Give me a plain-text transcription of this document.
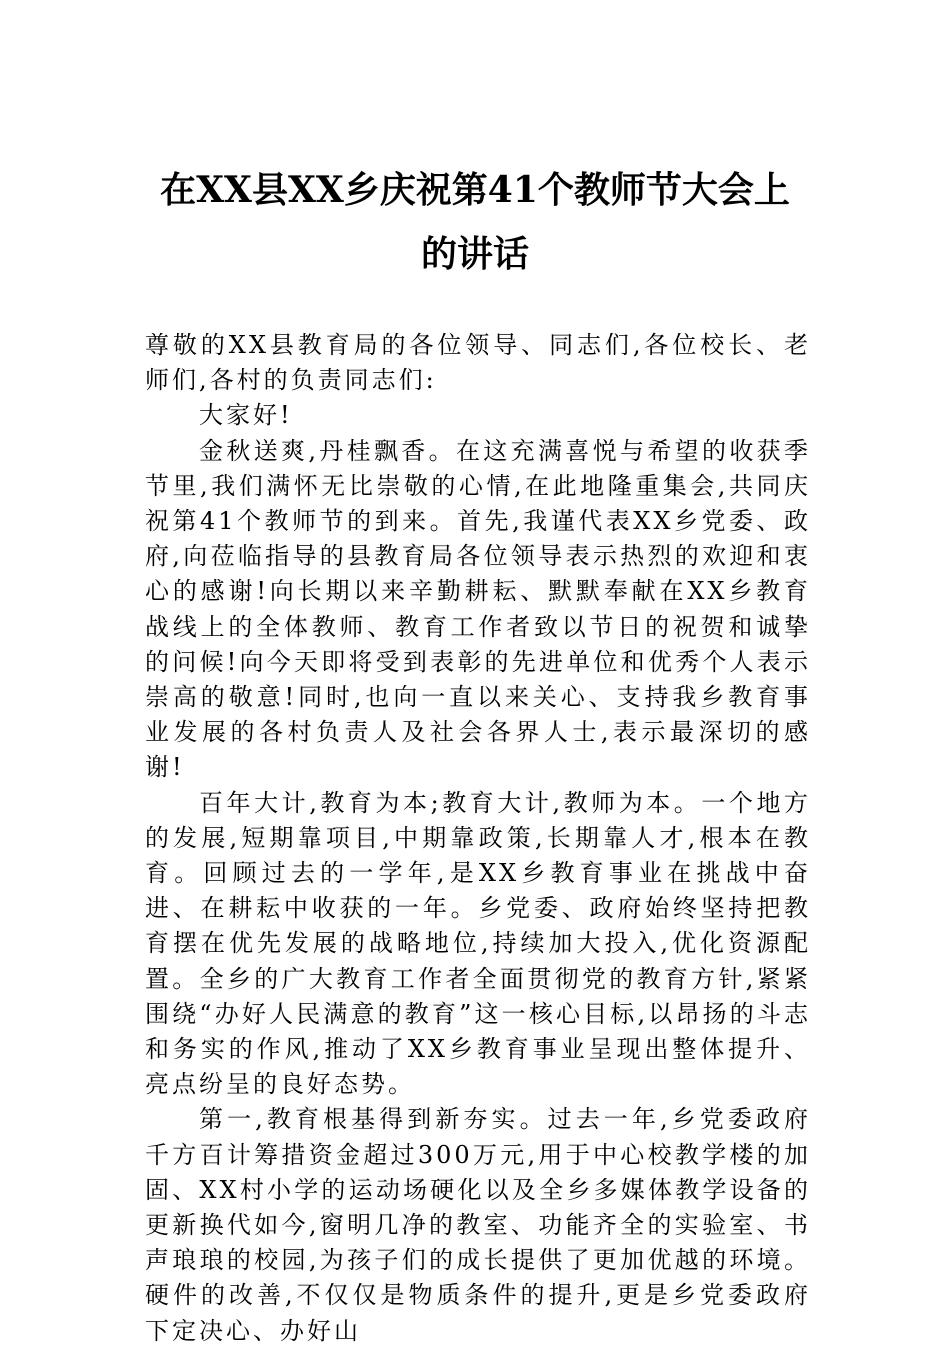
在XX县XX乡庆祝第41个教师节大会上
的讲话

尊敬的XX县教育局的各位领导、同志们,各位校长、老师们,各村的负责同志们:

大家好!

金秋送爽,丹桂飘香。在这充满喜悦与希望的收获季节里,我们满怀无比崇敬的心情,在此地隆重集会,共同庆祝第41个教师节的到来。首先,我谨代表XX乡党委、政府,向莅临指导的县教育局各位领导表示热烈的欢迎和衷心的感谢!向长期以来辛勤耕耘、默默奉献在XX乡教育战线上的全体教师、教育工作者致以节日的祝贺和诚挚的问候!向今天即将受到表彰的先进单位和优秀个人表示崇高的敬意!同时,也向一直以来关心、支持我乡教育事业发展的各村负责人及社会各界人士,表示最深切的感谢!

百年大计,教育为本;教育大计,教师为本。一个地方的发展,短期靠项目,中期靠政策,长期靠人才,根本在教育。回顾过去的一学年,是XX乡教育事业在挑战中奋进、在耕耘中收获的一年。乡党委、政府始终坚持把教育摆在优先发展的战略地位,持续加大投入,优化资源配置。全乡的广大教育工作者全面贯彻党的教育方针,紧紧围绕“办好人民满意的教育”这一核心目标,以昂扬的斗志和务实的作风,推动了XX乡教育事业呈现出整体提升、亮点纷呈的良好态势。

第一,教育根基得到新夯实。过去一年,乡党委政府千方百计筹措资金超过300万元,用于中心校教学楼的加固、XX村小学的运动场硬化以及全乡多媒体教学设备的更新换代如今,窗明几净的教室、功能齐全的实验室、书声琅琅的校园,为孩子们的成长提供了更加优越的环境。硬件的改善,不仅仅是物质条件的提升,更是乡党委政府下定决心、办好山
